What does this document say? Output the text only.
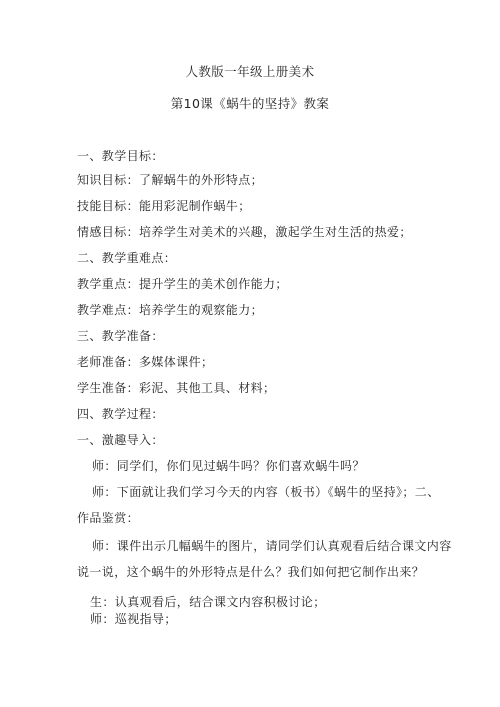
人教版一年级上册美术
第10课《蜗牛的坚持》教案
一、教学目标：
知识目标：了解蜗牛的外形特点；
技能目标：能用彩泥制作蜗牛；
情感目标：培养学生对美术的兴趣，激起学生对生活的热爱；
二、教学重难点：
教学重点：提升学生的美术创作能力；
教学难点：培养学生的观察能力；
三、教学准备：
老师准备：多媒体课件；
学生准备：彩泥、其他工具、材料；
四、教学过程：
一、激趣导入：
师：同学们，你们见过蜗牛吗？你们喜欢蜗牛吗？
师：下面就让我们学习今天的内容（板书）《蜗牛的坚持》；二、
作品鉴赏：
师：课件出示几幅蜗牛的图片，请同学们认真观看后结合课文内容
说一说，这个蜗牛的外形特点是什么？我们如何把它制作出来？
生：认真观看后，结合课文内容积极讨论；
师：巡视指导；
